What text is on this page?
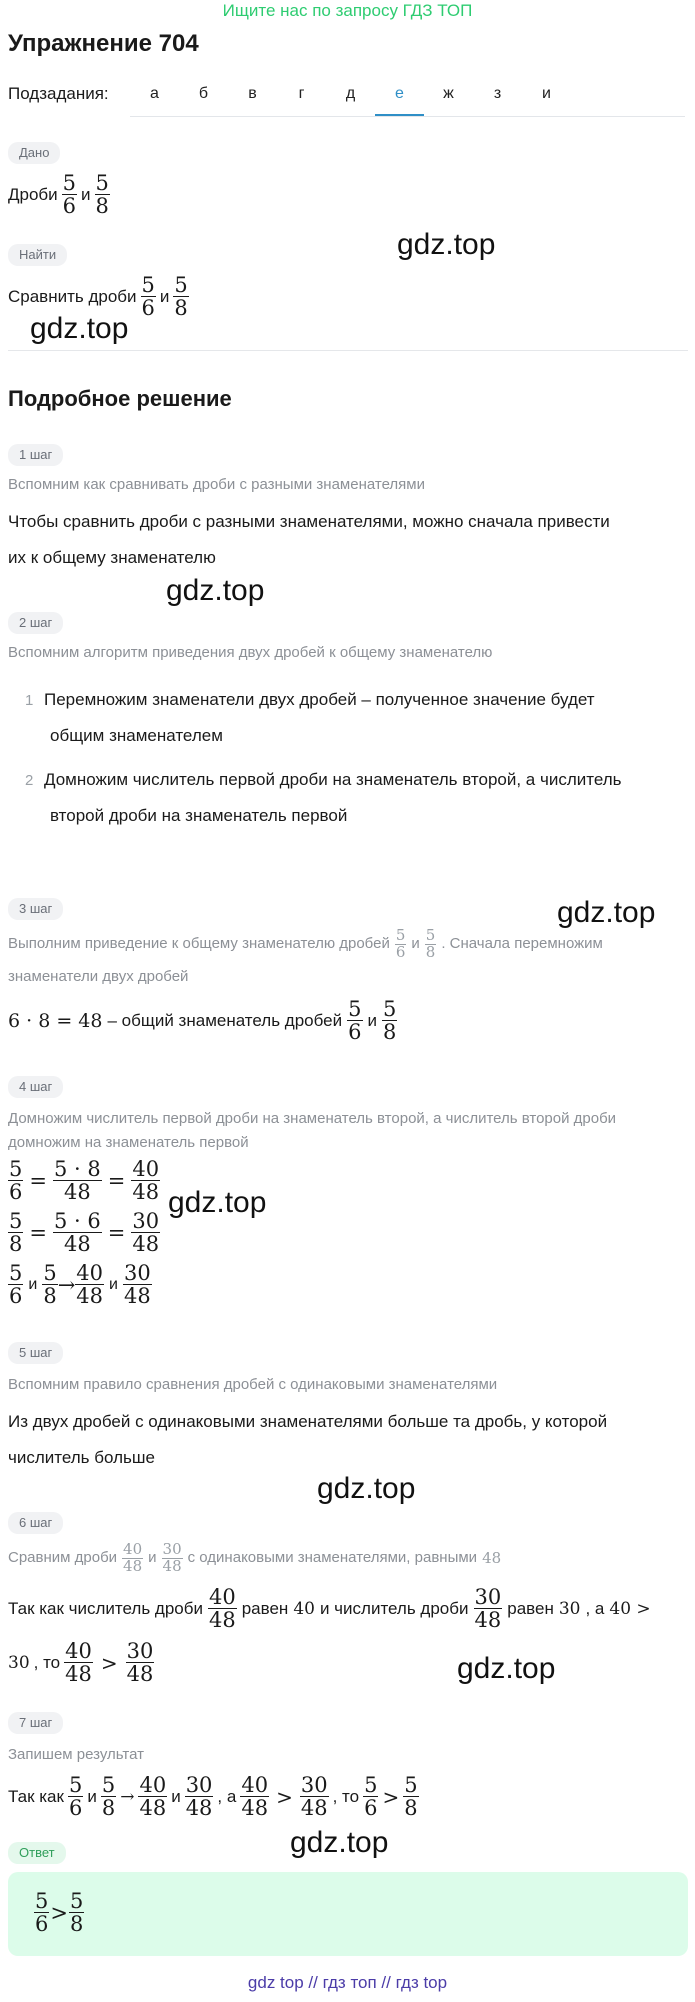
Ищите нас по запросу ГДЗ ТОП
Упражнение 704
Подзадания:	а	б	в	г	д	е	ж	з	и
Дано
Дроби $\frac{5}{6}$ и $\frac{5}{8}$
Найти
Сравнить дроби $\frac{5}{6}$ и $\frac{5}{8}$
gdz.top
gdz.top
Подробное решение
1 шаг
Вспомним как сравнивать дроби с разными знаменателями
Чтобы сравнить дроби с разными знаменателями, можно сначала привести
их к общему знаменателю
gdz.top
2 шаг
Вспомним алгоритм приведения двух дробей к общему знаменателю
1 Перемножим знаменатели двух дробей – полученное значение будет
общим знаменателем
2 Домножим числитель первой дроби на знаменатель второй, а числитель
второй дроби на знаменатель первой
3 шаг	gdz.top
Выполним приведение к общему знаменателю дробей $\frac{5}{6}$ и $\frac{5}{8}$ . Сначала перемножим
знаменатели двух дробей
6 · 8 = 48 – общий знаменатель дробей $\frac{5}{6}$ и $\frac{5}{8}$
4 шаг
Домножим числитель первой дроби на знаменатель второй, а числитель второй дроби
домножим на знаменатель первой
$\frac{5}{6} = \frac{5 \cdot 8}{48} = \frac{40}{48}$
$\frac{5}{8} = \frac{5 \cdot 6}{48} = \frac{30}{48}$
$\frac{5}{6}$ и $\frac{5}{8} \to \frac{40}{48}$ и $\frac{30}{48}$
gdz.top
5 шаг
Вспомним правило сравнения дробей с одинаковыми знаменателями
Из двух дробей с одинаковыми знаменателями больше та дробь, у которой
числитель больше
gdz.top
6 шаг
Сравним дроби $\frac{40}{48}$ и $\frac{30}{48}$ с одинаковыми знаменателями, равными 48
Так как числитель дроби $\frac{40}{48}$ равен 40 и числитель дроби $\frac{30}{48}$ равен 30 , а 40 >
30 , то $\frac{40}{48} > \frac{30}{48}$	gdz.top
7 шаг
Запишем результат
Так как $\frac{5}{6}$ и $\frac{5}{8} \to \frac{40}{48}$ и $\frac{30}{48}$ , а $\frac{40}{48} > \frac{30}{48}$ , то $\frac{5}{6} > \frac{5}{8}$
gdz.top
Ответ
$\frac{5}{6} > \frac{5}{8}$
gdz top // гдз топ // гдз top
